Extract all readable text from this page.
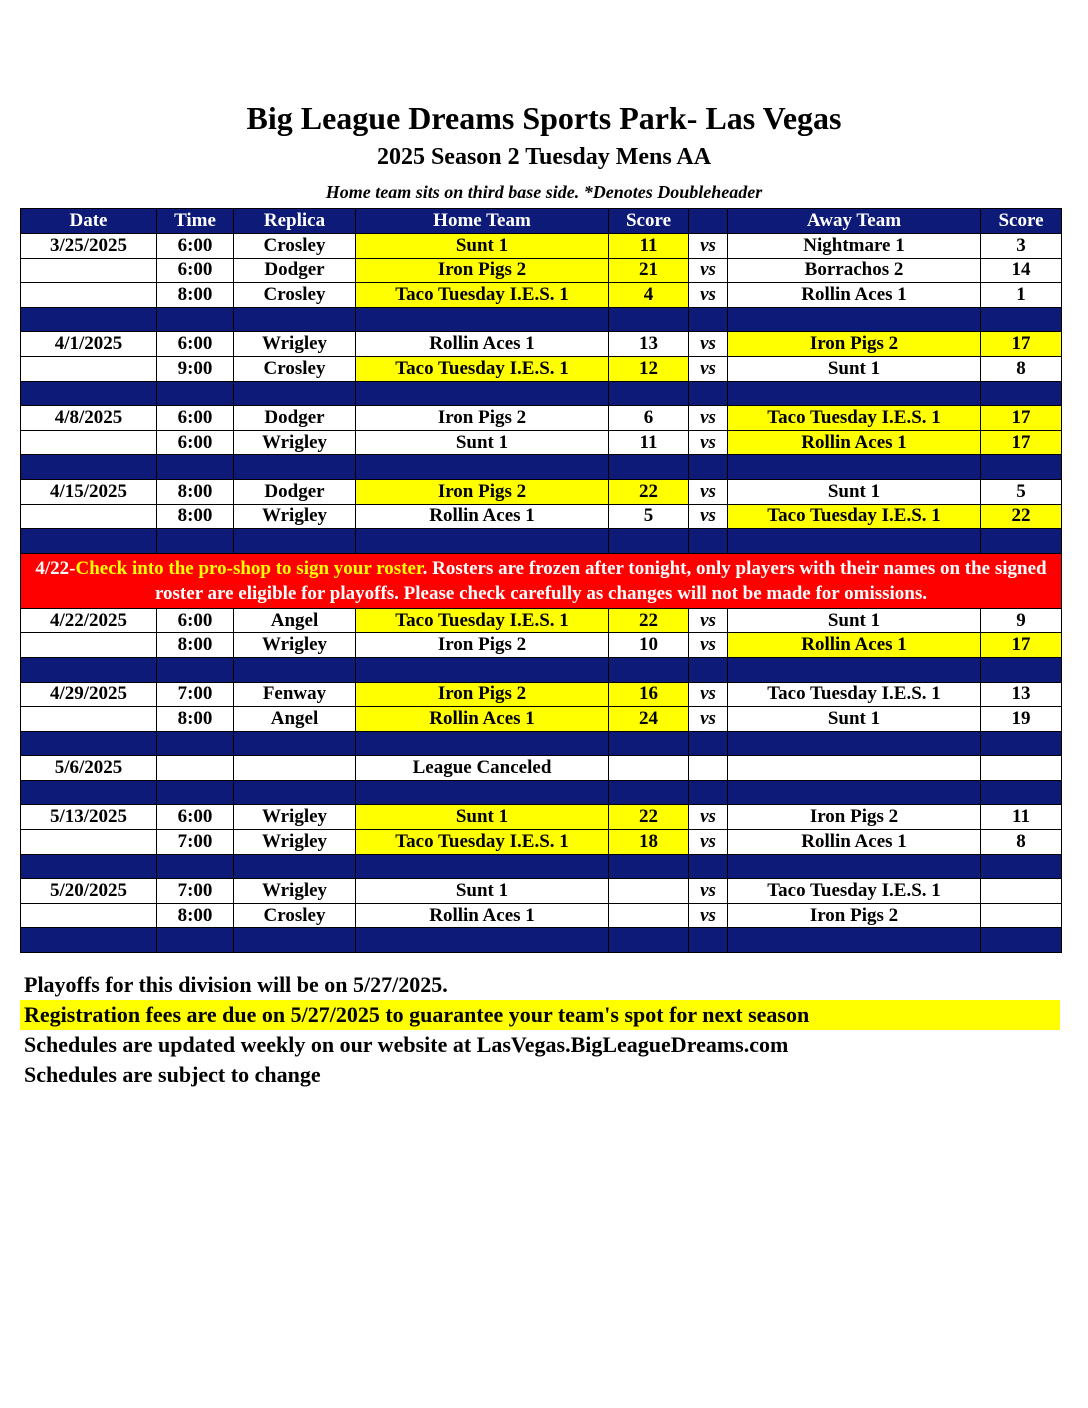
Big League Dreams Sports Park- Las Vegas
2025 Season 2 Tuesday Mens AA
Home team sits on third base side. *Denotes Doubleheader
Date	Time	Replica	Home Team	Score		Away Team	Score
3/25/2025	6:00	Crosley	Sunt 1	11	vs	Nightmare 1	3
	6:00	Dodger	Iron Pigs 2	21	vs	Borrachos 2	14
	8:00	Crosley	Taco Tuesday I.E.S. 1	4	vs	Rollin Aces 1	1

4/1/2025	6:00	Wrigley	Rollin Aces 1	13	vs	Iron Pigs 2	17
	9:00	Crosley	Taco Tuesday I.E.S. 1	12	vs	Sunt 1	8

4/8/2025	6:00	Dodger	Iron Pigs 2	6	vs	Taco Tuesday I.E.S. 1	17
	6:00	Wrigley	Sunt 1	11	vs	Rollin Aces 1	17

4/15/2025	8:00	Dodger	Iron Pigs 2	22	vs	Sunt 1	5
	8:00	Wrigley	Rollin Aces 1	5	vs	Taco Tuesday I.E.S. 1	22

4/22-Check into the pro-shop to sign your roster. Rosters are frozen after tonight, only players with their names on the signed roster are eligible for playoffs. Please check carefully as changes will not be made for omissions.							
4/22/2025	6:00	Angel	Taco Tuesday I.E.S. 1	22	vs	Sunt 1	9
	8:00	Wrigley	Iron Pigs 2	10	vs	Rollin Aces 1	17

4/29/2025	7:00	Fenway	Iron Pigs 2	16	vs	Taco Tuesday I.E.S. 1	13
	8:00	Angel	Rollin Aces 1	24	vs	Sunt 1	19

5/6/2025			League Canceled				

5/13/2025	6:00	Wrigley	Sunt 1	22	vs	Iron Pigs 2	11
	7:00	Wrigley	Taco Tuesday I.E.S. 1	18	vs	Rollin Aces 1	8

5/20/2025	7:00	Wrigley	Sunt 1		vs	Taco Tuesday I.E.S. 1	
	8:00	Crosley	Rollin Aces 1		vs	Iron Pigs 2	

Playoffs for this division will be on 5/27/2025.
Registration fees are due on 5/27/2025 to guarantee your team's spot for next season
Schedules are updated weekly on our website at LasVegas.BigLeagueDreams.com
Schedules are subject to change
